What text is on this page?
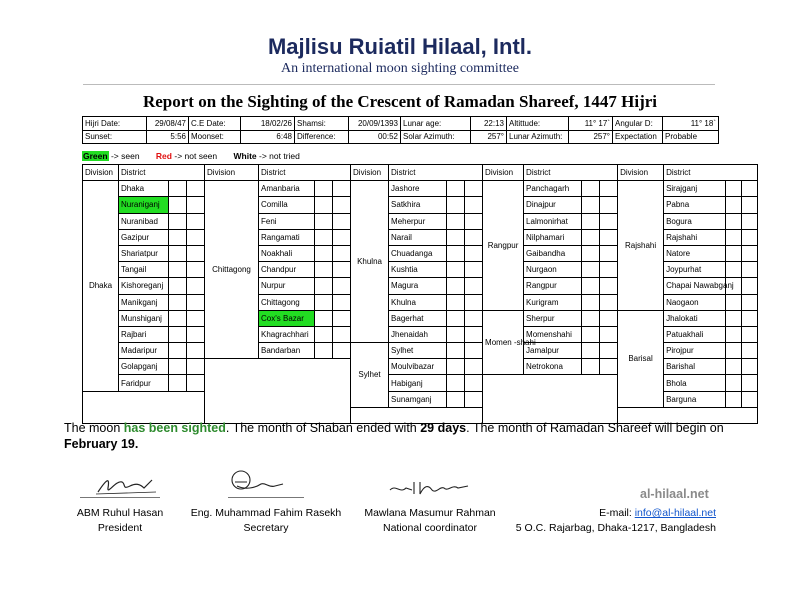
Majlisu Ruiatil Hilaal, Intl.
An international moon sighting committee
Report on the Sighting of the Crescent of Ramadan Shareef, 1447 Hijri
Hijri Date:	29/08/47	C.E Date:	18/02/26	Shamsi:	20/09/1393	Lunar age:	22:13	Altittude:	11° 17`	Angular D:	11° 18`
Sunset:	5:56	Moonset:	6:48	Difference:	00:52	Solar Azimuth:	257°	Lunar Azimuth:	257°	Expectation	Probable
Green -> seen Red -> not seen White -> not tried
Division	District			Division	District			Division	District			Division	District			Division	District		
Dhaka	Dhaka			Chittagong	Amanbaria			Khulna	Jashore			Rangpur	Panchagarh			Rajshahi	Sirajganj		
	Nuraniganj				Comilla				Satkhira				Dinajpur				Pabna		
	Nuranibad				Feni				Meherpur				Lalmonirhat				Bogura		
	Gazipur				Rangamati				Narail				Nilphamari				Rajshahi		
	Shariatpur				Noakhali				Chuadanga				Gaibandha				Natore		
	Tangail				Chandpur				Kushtia				Nurgaon				Joypurhat		
	Kishoreganj				Nurpur				Magura				Rangpur				Chapai Nawabganj		
	Manikganj				Chittagong				Khulna				Kurigram				Naogaon		
	Munshiganj				Cox's Bazar				Bagerhat			Momen -shahi	Sherpur			Barisal	Jhalokati		
	Rajbari				Khagrachhari				Jhenaidah				Momenshahi				Patuakhali		
	Madaripur				Bandarban			Sylhet	Sylhet				Jamalpur				Pirojpur		
	Golapganj								Moulvibazar				Netrokona				Barishal		
	Faridpur								Habiganj								Bhola		
									Sunamganj								Barguna		

The moon has been sighted. The month of Shaban ended with 29 days. The month of Ramadan Shareef will begin on February 19.
ABM Ruhul Hasan
President
Eng. Muhammad Fahim Rasekh
Secretary
Mawlana Masumur Rahman
National coordinator
al-hilaal.net
E-mail: info@al-hilaal.net
5 O.C. Rajarbag, Dhaka-1217, Bangladesh
